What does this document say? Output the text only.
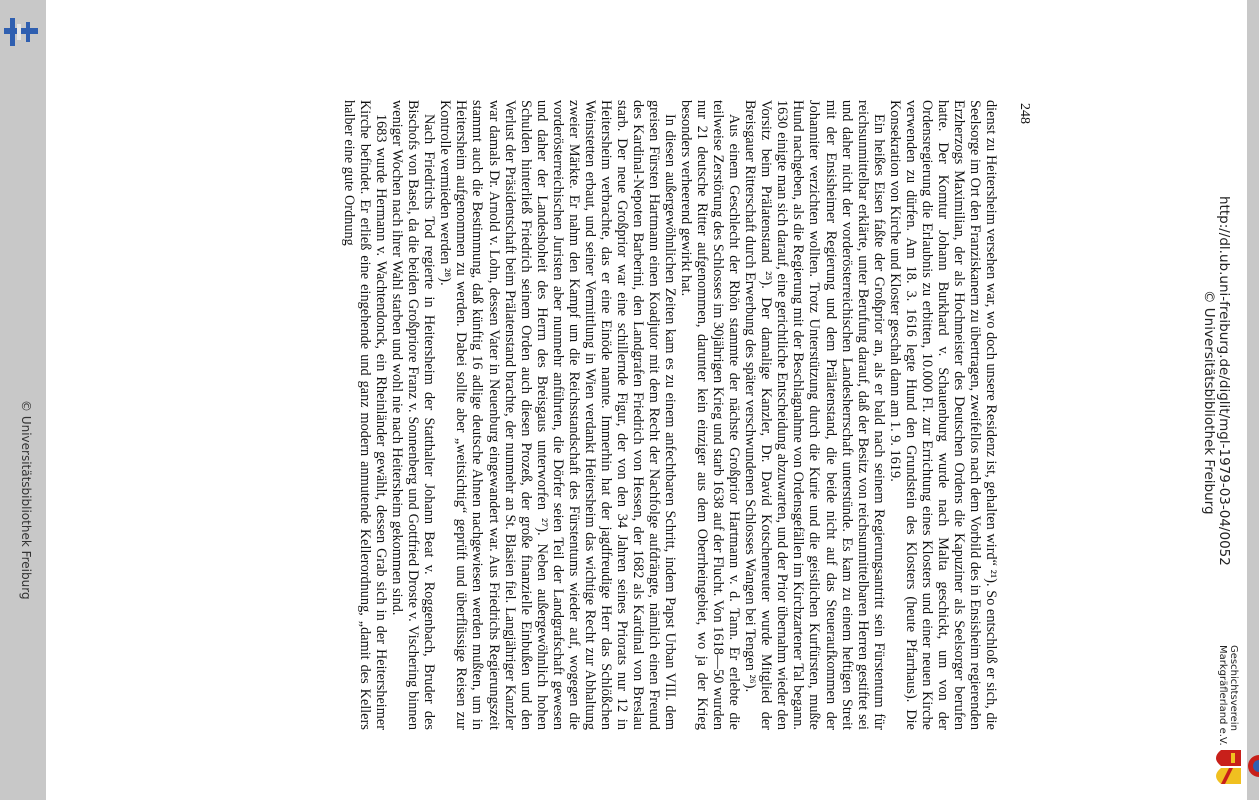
© Universitätsbibliothek Freiburg	http://dl.ub.uni-freiburg.de/diglit/mgl-1979-03-04/0052
© Universitätsbibliothek Freiburg
Geschichtsverein
Markgräflerland e.V.
248

dienst zu Heitersheim versehen war, wo doch unsere Residenz ist, gehalten wird“ ²¹). So entschloß er sich, die Seelsorge im Ort den Franziskanern zu übertragen, zweifellos nach dem Vorbild des in Ensisheim regierenden Erzherzogs Maximilian, der als Hochmeister des Deutschen Ordens die Kapuziner als Seelsorger berufen hatte. Der Komtur Johann Burkhard v. Schauenburg wurde nach Malta geschickt, um von der Ordensregierung die Erlaubnis zu erbitten, 10.000 Fl. zur Errichtung eines Klosters und einer neuen Kirche verwenden zu dürfen. Am 18. 3. 1616 legte Hund den Grundstein des Klosters (heute Pfarrhaus). Die Konsekration von Kirche und Kloster geschah dann am 1. 9. 1619.

Ein heißes Eisen faßte der Großprior an, als er bald nach seinem Regierungsantritt sein Fürstentum für reichsunmittelbar erklärte, unter Berufung darauf, daß der Besitz von reichsunmittelbaren Herren gestiftet sei und daher nicht der vorderösterreichischen Landesherrschaft unterstünde. Es kam zu einem heftigen Streit mit der Ensisheimer Regierung und dem Prälatenstand, die beide nicht auf das Steueraufkommen der Johanniter verzichten wollten. Trotz Unterstützung durch die Kurie und die geistlichen Kurfürsten, mußte Hund nachgeben, als die Regierung mit der Beschlagnahme von Ordensgefällen im Kirchzartener Tal begann. 1630 einigte man sich darauf, eine gerichtliche Entscheidung abzuwarten, und der Prior übernahm wieder den Vorsitz beim Prälatenstand ²⁵). Der damalige Kanzler, Dr. David Kotschenreuter wurde Mitglied der Breisgauer Ritterschaft durch Erwerbung des später verschwundenen Schlosses Wangen bei Tengen ²⁶).

Aus einem Geschlecht der Rhön stammte der nächste Großprior Hartmann v. d. Tann. Er erlebte die teilweise Zerstörung des Schlosses im 30jährigen Krieg und starb 1638 auf der Flucht. Von 1618—50 wurden nur 21 deutsche Ritter aufgenommen, darunter kein einziger aus dem Oberrheingebiet, wo ja der Krieg besonders verheerend gewirkt hat.

In diesen außergewöhnlichen Zeiten kam es zu einem anfechtbaren Schritt, indem Papst Urban VIII. dem greisen Fürsten Hartmann einen Koadjutor mit dem Recht der Nachfolge aufdrängte, nämlich einen Freund des Kardinal-Nepoten Barberini, den Landgrafen Friedrich von Hessen, der 1682 als Kardinal von Breslau starb. Der neue Großprior war eine schillernde Figur, der von den 34 Jahren seines Priorats nur 12 in Heitersheim verbrachte, das er eine Einöde nannte. Immerhin hat der jagdfreudige Herr das Schlößchen Weinstetten erbaut, und seiner Vermittlung in Wien verdankt Heitersheim das wichtige Recht zur Abhaltung zweier Märkte. Er nahm den Kampf um die Reichsstandschaft des Fürstentums wieder auf, wogegen die vorderösterreichischen Juristen aber nunmehr anführten, die Dörfer seien Teil der Landgrafschaft gewesen und daher der Landeshoheit des Herrn des Breisgaus unterworfen ²⁷). Neben außergewöhnlich hohen Schulden hinterließ Friedrich seinem Orden auch diesen Prozeß, der große finanzielle Einbußen und den Verlust der Präsidentschaft beim Prälatenstand brachte, der nunmehr an St. Blasien fiel. Langjähriger Kanzler war damals Dr. Arnold v. Lohn, dessen Vater in Neuenburg eingewandert war. Aus Friedrichs Regierungszeit stammt auch die Bestimmung, daß künftig 16 adlige deutsche Ahnen nachgewiesen werden mußten, um in Heitersheim aufgenommen zu werden. Dabei sollte aber „weitsichtig“ geprüft und überflüssige Reisen zur Kontrolle vermieden werden ²⁸).

Nach Friedrichs Tod regierte in Heitersheim der Statthalter Johann Beat v. Roggenbach, Bruder des Bischofs von Basel, da die beiden Großpriore Franz v. Sonnenberg und Gottfried Droste v. Vischering binnen weniger Wochen nach ihrer Wahl starben und wohl nie nach Heitersheim gekommen sind.

1683 wurde Hermann v. Wachtendonck, ein Rheinländer gewählt, dessen Grab sich in der Heitersheimer Kirche befindet. Er erließ eine eingehende und ganz modern anmutende Kellerordnung, „damit des Kellers halber eine gute Ordnung
